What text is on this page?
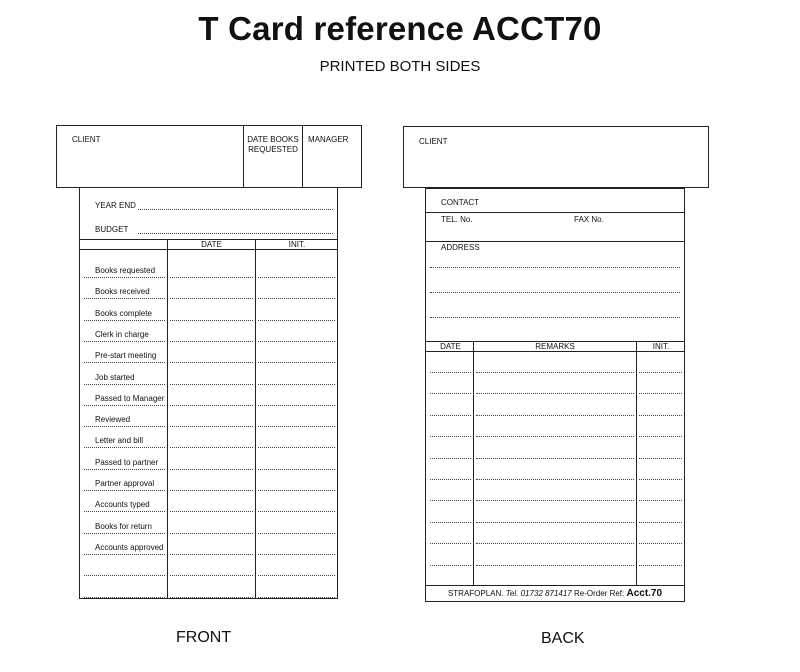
T Card reference ACCT70
PRINTED BOTH SIDES
CLIENT	DATE BOOKS
REQUESTED
MANAGER
YEAR END
BUDGET
DATE	INIT.
Books requested
Books received
Books complete
Clerk in charge
Pre-start meeting
Job started
Passed to Manager
Reviewed
Letter and bill
Passed to partner
Partner approval
Accounts typed
Books for return
Accounts approved
FRONT
CLIENT
CONTACT
TEL. No.	FAX No.
ADDRESS
DATE	REMARKS	INIT.
STRAFOPLAN. Tel. 01732 871417 Re-Order Ref: Acct.70
BACK
